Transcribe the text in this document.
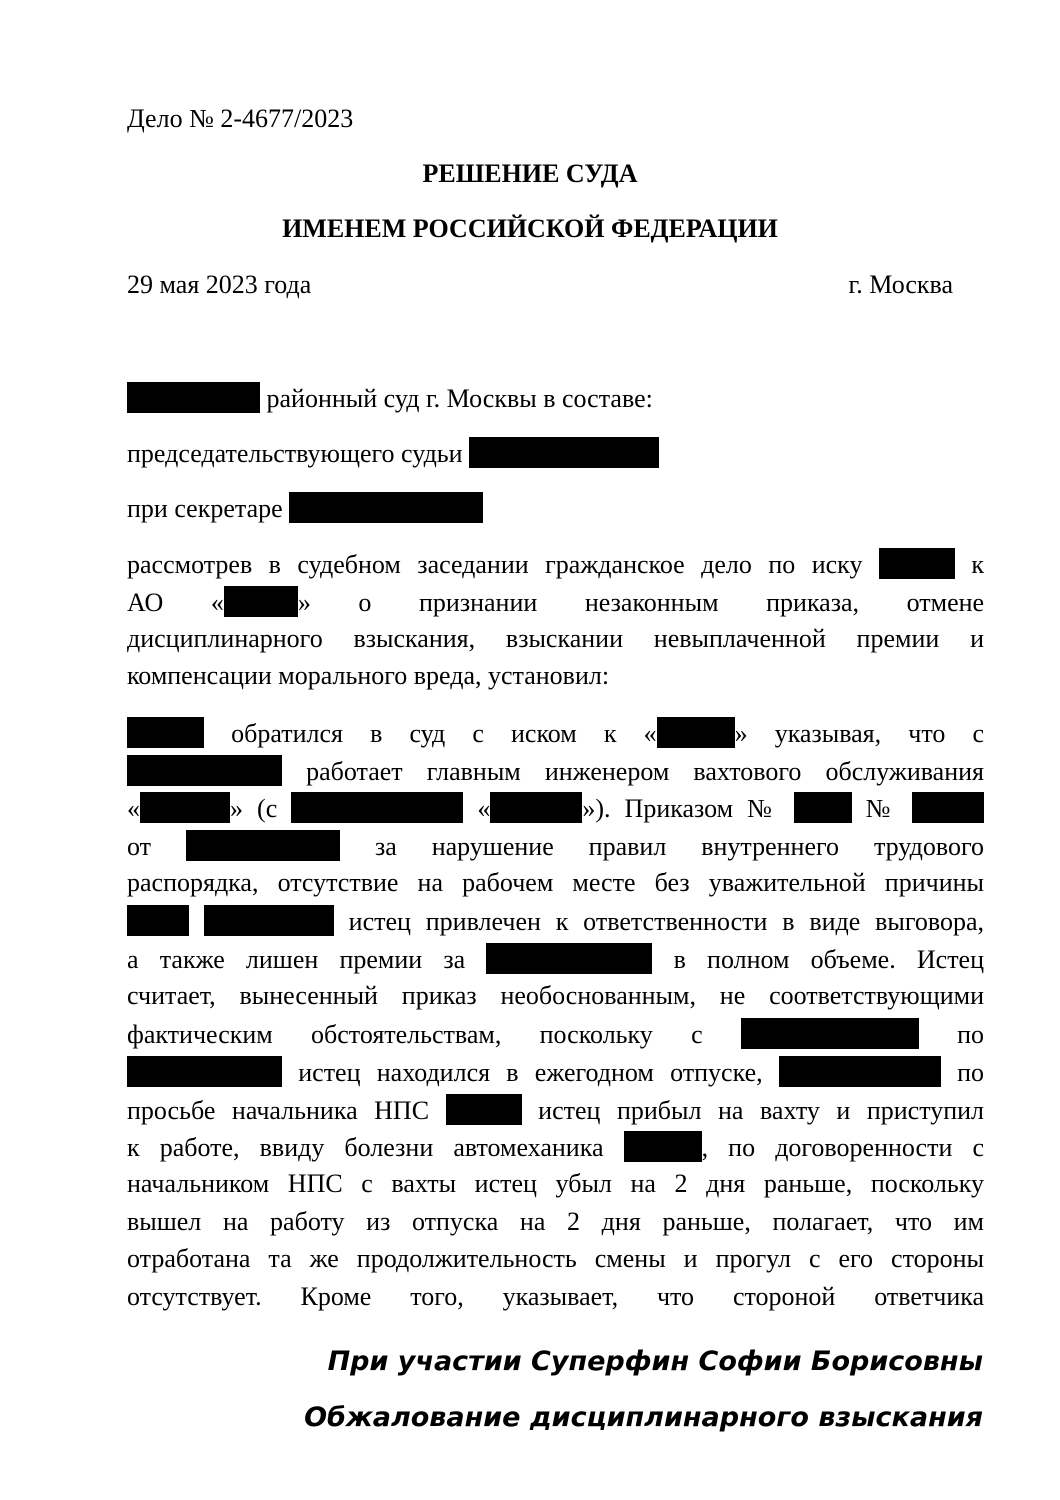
Дело № 2-4677/2023
РЕШЕНИЕ СУДА
ИМЕНЕМ РОССИЙСКОЙ ФЕДЕРАЦИИ
29 мая 2023 года	г. Москва
районный суд г. Москвы в составе:
председательствующего судьи
при секретаре
рассмотрев в судебном заседании гражданское дело по иску	к
АО «	» о признании незаконным приказа, отмене
дисциплинарного взыскания, взыскании невыплаченной премии и
компенсации морального вреда, установил:
обратился в суд с иском к «	» указывая, что с
работает главным инженером вахтового обслуживания
«	» (с	«	»). Приказом №	№
от	за нарушение правил внутреннего трудового
распорядка, отсутствие на рабочем месте без уважительной причины
истец привлечен к ответственности в виде выговора,
а также лишен премии за	в полном объеме. Истец
считает, вынесенный приказ необоснованным, не соответствующими
фактическим обстоятельствам, поскольку с	по
истец находился в ежегодном отпуске,	по
просьбе начальника НПС	истец прибыл на вахту и приступил
к работе, ввиду болезни автомеханика	, по договоренности с
начальником НПС с вахты истец убыл на 2 дня раньше, поскольку
вышел на работу из отпуска на 2 дня раньше, полагает, что им
отработана та же продолжительность смены и прогул с его стороны
отсутствует. Кроме того, указывает, что стороной ответчика
При участии Суперфин Софии Борисовны
Обжалование дисциплинарного взыскания
